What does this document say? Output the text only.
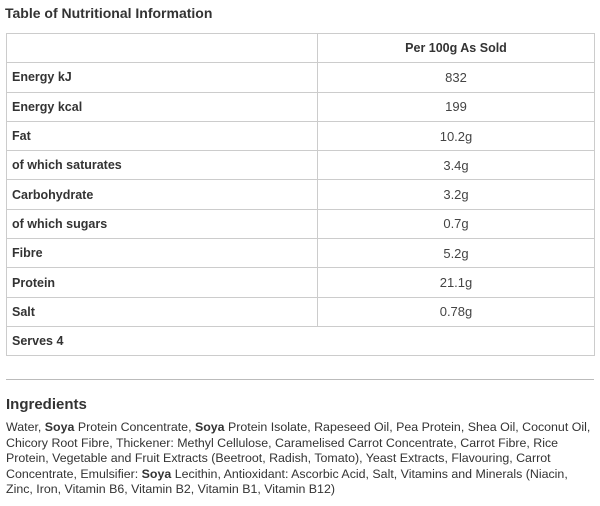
Table of Nutritional Information
	Per 100g As Sold
Energy kJ	832
Energy kcal	199
Fat	10.2g
of which saturates	3.4g
Carbohydrate	3.2g
of which sugars	0.7g
Fibre	5.2g
Protein	21.1g
Salt	0.78g
Serves 4	
Ingredients

Water, Soya Protein Concentrate, Soya Protein Isolate, Rapeseed Oil, Pea Protein, Shea Oil, Coconut Oil, Chicory Root Fibre, Thickener: Methyl Cellulose, Caramelised Carrot Concentrate, Carrot Fibre, Rice Protein, Vegetable and Fruit Extracts (Beetroot, Radish, Tomato), Yeast Extracts, Flavouring, Carrot Concentrate, Emulsifier: Soya Lecithin, Antioxidant: Ascorbic Acid, Salt, Vitamins and Minerals (Niacin, Zinc, Iron, Vitamin B6, Vitamin B2, Vitamin B1, Vitamin B12)
